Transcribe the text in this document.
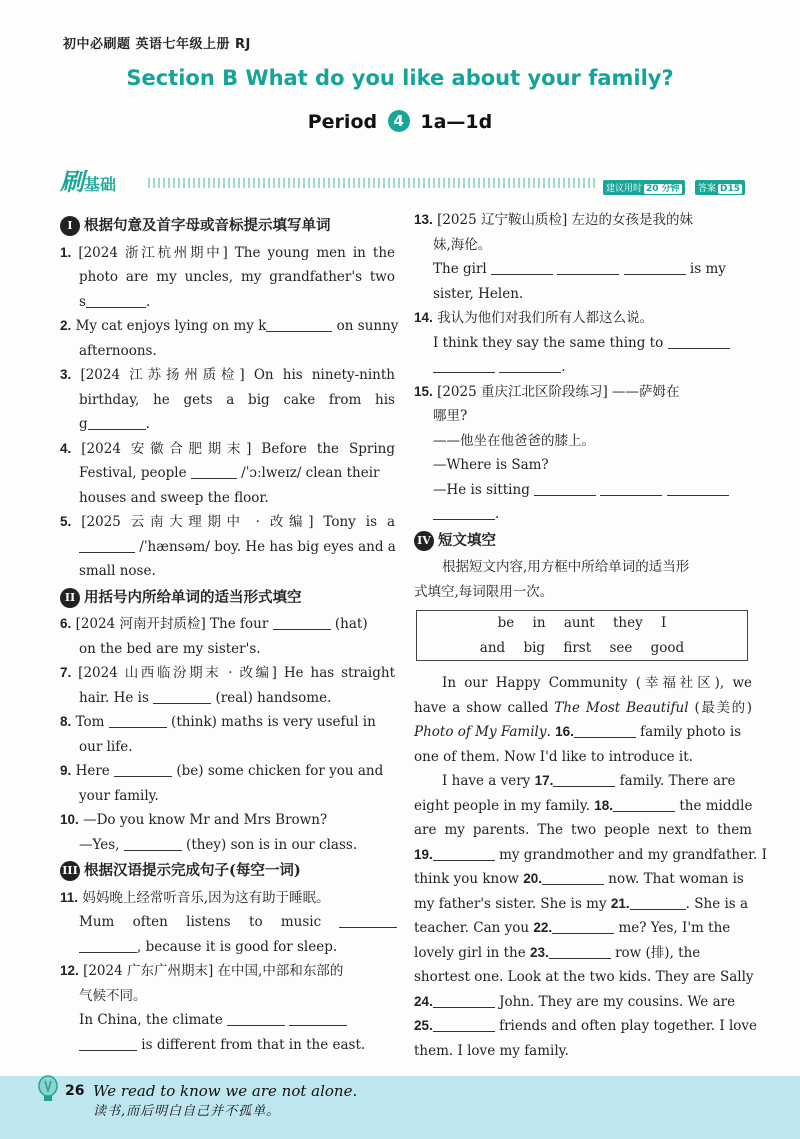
初中必刷题 英语七年级上册 RJ
Section B What do you like about your family?
Period 4 1a—1d
刷基础	建议用时 20 分钟	答案 D15
I 根据句意及首字母或音标提示填写单词
1. [2024 浙江杭州期中] The young men in the
photo are my uncles, my grandfather's two
s	.
2. My cat enjoys lying on my k	on sunny
afternoons.
3. [2024 江苏扬州质检] On his ninety-ninth
birthday, he gets a big cake from his
g	.
4. [2024 安徽合肥期末] Before the Spring
Festival, people	/ˈɔːlweɪz/ clean their
houses and sweep the floor.
5. [2025 云南大理期中 · 改编] Tony is a
/ˈhænsəm/ boy. He has big eyes and a
small nose.
II 用括号内所给单词的适当形式填空
6. [2024 河南开封质检] The four	(hat)
on the bed are my sister's.
7. [2024 山西临汾期末 · 改编] He has straight
hair. He is	(real) handsome.
8. Tom	(think) maths is very useful in
our life.
9. Here	(be) some chicken for you and
your family.
10. —Do you know Mr and Mrs Brown?
—Yes,	(they) son is in our class.
III 根据汉语提示完成句子(每空一词)
11. 妈妈晚上经常听音乐,因为这有助于睡眠。
Mum often listens to music
, because it is good for sleep.
12. [2024 广东广州期末] 在中国,中部和东部的
气候不同。
In China, the climate
is different from that in the east.
13. [2025 辽宁鞍山质检] 左边的女孩是我的妹
妹,海伦。
The girl	is my
sister, Helen.
14. 我认为他们对我们所有人都这么说。
I think they say the same thing to
.
15. [2025 重庆江北区阶段练习] ——萨姆在
哪里?
——他坐在他爸爸的膝上。
—Where is Sam?
—He is sitting
.
IV 短文填空
根据短文内容,用方框中所给单词的适当形
式填空,每词限用一次。
be in aunt they I
and big first see good
In our Happy Community (幸福社区), we
have a show called The Most Beautiful (最美的)
Photo of My Family. 16.	family photo is
one of them. Now I'd like to introduce it.
I have a very 17.	family. There are
eight people in my family. 18.	the middle
are my parents. The two people next to them
19.	my grandmother and my grandfather. I
think you know 20.	now. That woman is
my father's sister. She is my 21.	. She is a
teacher. Can you 22.	me? Yes, I'm the
lovely girl in the 23.	row (排), the
shortest one. Look at the two kids. They are Sally
24.	John. They are my cousins. We are
25.	friends and often play together. I love
them. I love my family.
26 We read to know we are not alone.
读书,而后明白自己并不孤单。
